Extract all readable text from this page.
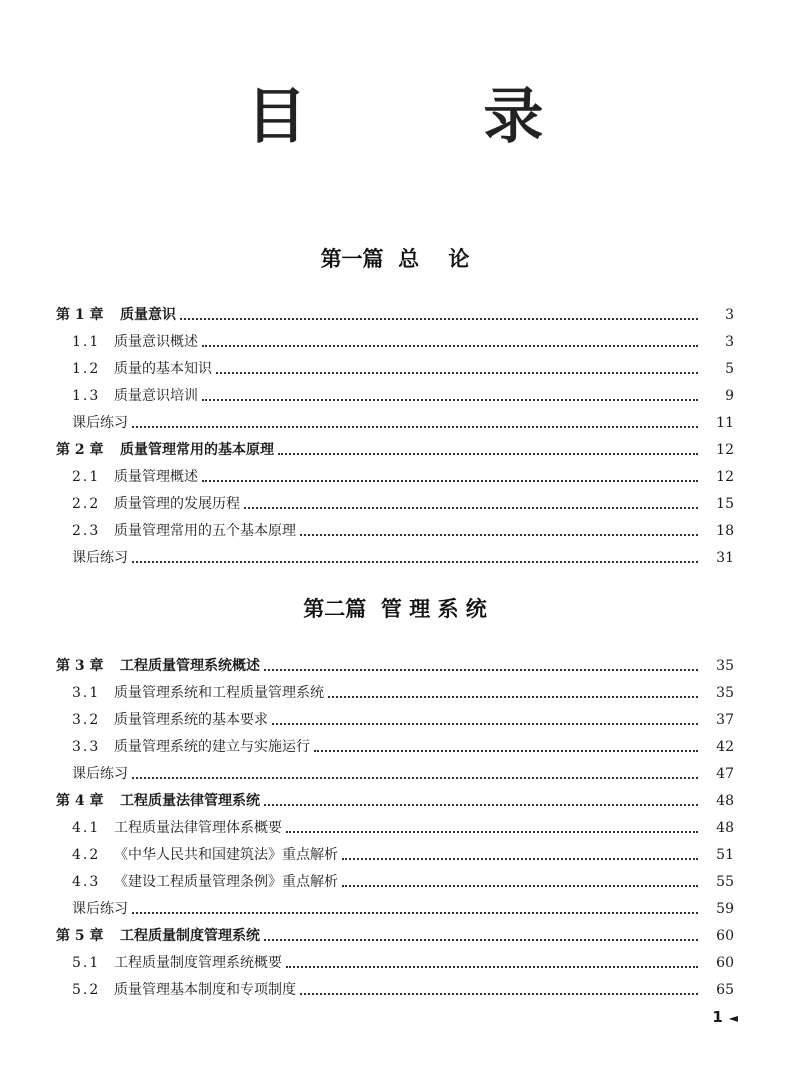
目 录
第一篇  总    论
第 1 章	质量意识	3
1.1 质量意识概述	3
1.2 质量的基本知识	5
1.3 质量意识培训	9
课后练习	11
第 2 章	质量管理常用的基本原理	12
2.1 质量管理概述	12
2.2 质量管理的发展历程	15
2.3 质量管理常用的五个基本原理	18
课后练习	31
第二篇  管 理 系 统
第 3 章	工程质量管理系统概述	35
3.1 质量管理系统和工程质量管理系统	35
3.2 质量管理系统的基本要求	37
3.3 质量管理系统的建立与实施运行	42
课后练习	47
第 4 章	工程质量法律管理系统	48
4.1 工程质量法律管理体系概要	48
4.2 《中华人民共和国建筑法》重点解析	51
4.3 《建设工程质量管理条例》重点解析	55
课后练习	59
第 5 章	工程质量制度管理系统	60
5.1 工程质量制度管理系统概要	60
5.2 质量管理基本制度和专项制度	65
1 ◄
